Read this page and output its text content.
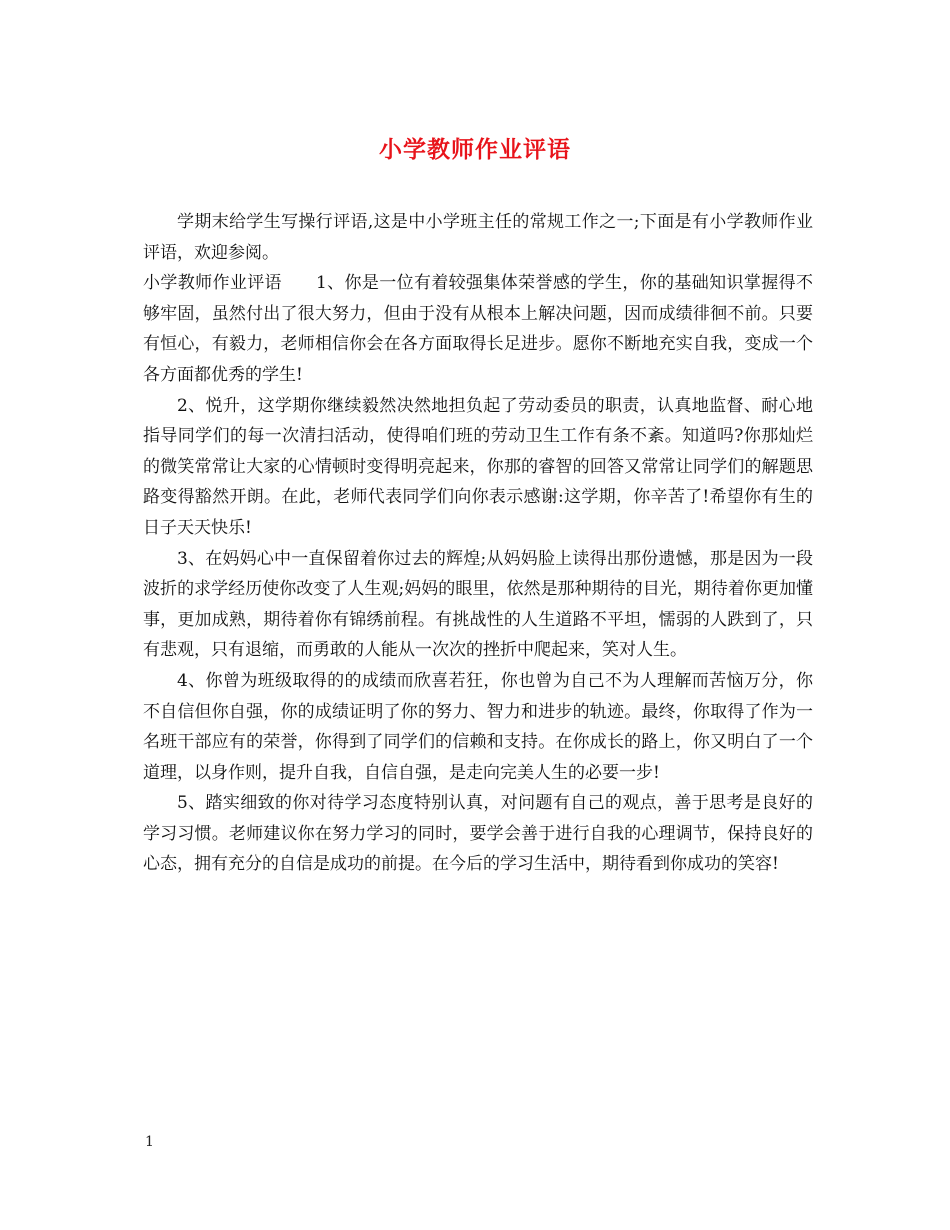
小学教师作业评语

学期末给学生写操行评语,这是中小学班主任的常规工作之一;下面是有小学教师作业评语，欢迎参阅。

小学教师作业评语 1、你是一位有着较强集体荣誉感的学生，你的基础知识掌握得不够牢固，虽然付出了很大努力，但由于没有从根本上解决问题，因而成绩徘徊不前。只要有恒心，有毅力，老师相信你会在各方面取得长足进步。愿你不断地充实自我，变成一个各方面都优秀的学生!

2、悦升，这学期你继续毅然决然地担负起了劳动委员的职责，认真地监督、耐心地指导同学们的每一次清扫活动，使得咱们班的劳动卫生工作有条不紊。知道吗?你那灿烂的微笑常常让大家的心情顿时变得明亮起来，你那的睿智的回答又常常让同学们的解题思路变得豁然开朗。在此，老师代表同学们向你表示感谢:这学期，你辛苦了!希望你有生的日子天天快乐!

3、在妈妈心中一直保留着你过去的辉煌;从妈妈脸上读得出那份遗憾，那是因为一段波折的求学经历使你改变了人生观;妈妈的眼里，依然是那种期待的目光，期待着你更加懂事，更加成熟，期待着你有锦绣前程。有挑战性的人生道路不平坦，懦弱的人跌到了，只有悲观，只有退缩，而勇敢的人能从一次次的挫折中爬起来，笑对人生。

4、你曾为班级取得的的成绩而欣喜若狂，你也曾为自己不为人理解而苦恼万分，你不自信但你自强，你的成绩证明了你的努力、智力和进步的轨迹。最终，你取得了作为一名班干部应有的荣誉，你得到了同学们的信赖和支持。在你成长的路上，你又明白了一个道理，以身作则，提升自我，自信自强，是走向完美人生的必要一步!

5、踏实细致的你对待学习态度特别认真，对问题有自己的观点，善于思考是良好的学习习惯。老师建议你在努力学习的同时，要学会善于进行自我的心理调节，保持良好的心态，拥有充分的自信是成功的前提。在今后的学习生活中，期待看到你成功的笑容!

1
